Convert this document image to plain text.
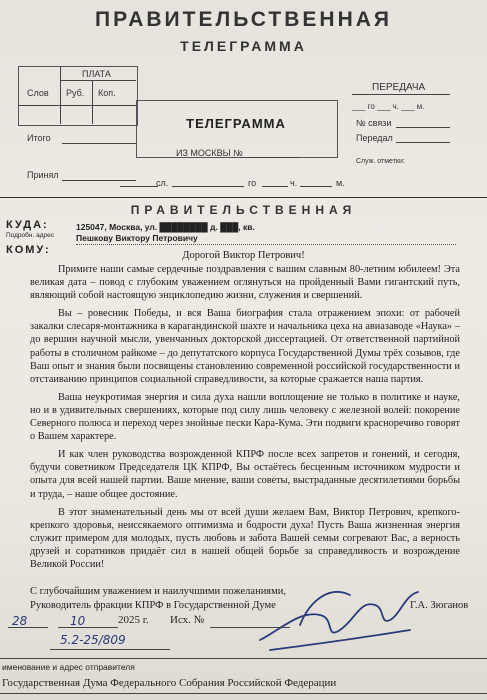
ПРАВИТЕЛЬСТВЕННАЯ
ТЕЛЕГРАММА
ПЛАТА
Слов Руб. Коп.
Итого
Принял
ТЕЛЕГРАММА
ИЗ МОСКВЫ №
ПЕРЕДАЧА
___ го ___ ч. ___ м.
№ связи
Передал
Служ. отметки:
сл.	го	ч.	м.
ПРАВИТЕЛЬСТВЕННАЯ
КУДА:
Подробн. адрес
125047, Москва, ул. ████████ д. ███, кв.
Пешкову Виктору Петровичу
КОМУ:	Дорогой Виктор Петрович!

Примите наши самые сердечные поздравления с вашим славным 80-летним юбилеем! Эта великая дата – повод с глубоким уважением оглянуться на пройденный Вами гигантский путь, являющий собой настоящую энциклопедию жизни, служения и свершений.

Вы – ровесник Победы, и вся Ваша биография стала отражением эпохи: от рабочей закалки слесаря-монтажника в карагандинской шахте и начальника цеха на авиазаводе «Наука» – до вершин научной мысли, увенчанных докторской диссертацией. От ответственной партийной работы в столичном райкоме – до депутатского корпуса Государственной Думы трёх созывов, где Ваш опыт и знания были посвящены становлению современной российской государственности и отстаиванию принципов социальной справедливости, за которые сражается наша партия.

Ваша неукротимая энергия и сила духа нашли воплощение не только в политике и науке, но и в удивительных свершениях, которые под силу лишь человеку с железной волей: покорение Северного полюса и переход через знойные пески Кара-Кума. Эти подвиги красноречиво говорят о Вашем характере.

И как член руководства возрожденной КПРФ после всех запретов и гонений, и сегодня, будучи советником Председателя ЦК КПРФ, Вы остаётесь бесценным источником мудрости и опыта для всей нашей партии. Ваше мнение, ваши советы, выстраданные десятилетиями борьбы и труда, – наше общее достояние.

В этот знаменательный день мы от всей души желаем Вам, Виктор Петрович, крепкого-крепкого здоровья, неиссякаемого оптимизма и бодрости духа! Пусть Ваша жизненная энергия служит примером для молодых, пусть любовь и забота Вашей семьи согревают Вас, а верность друзей и соратников придаёт сил в нашей общей борьбе за справедливость и возрождение Великой России!

С глубочайшим уважением и наилучшими пожеланиями,
Руководитель фракции КПРФ в Государственной Думе	Г.А. Зюганов
28	10	2025 г. Исх. №
5.2-25/809
именование и адрес отправителя
Государственная Дума Федерального Собрания Российской Федерации
